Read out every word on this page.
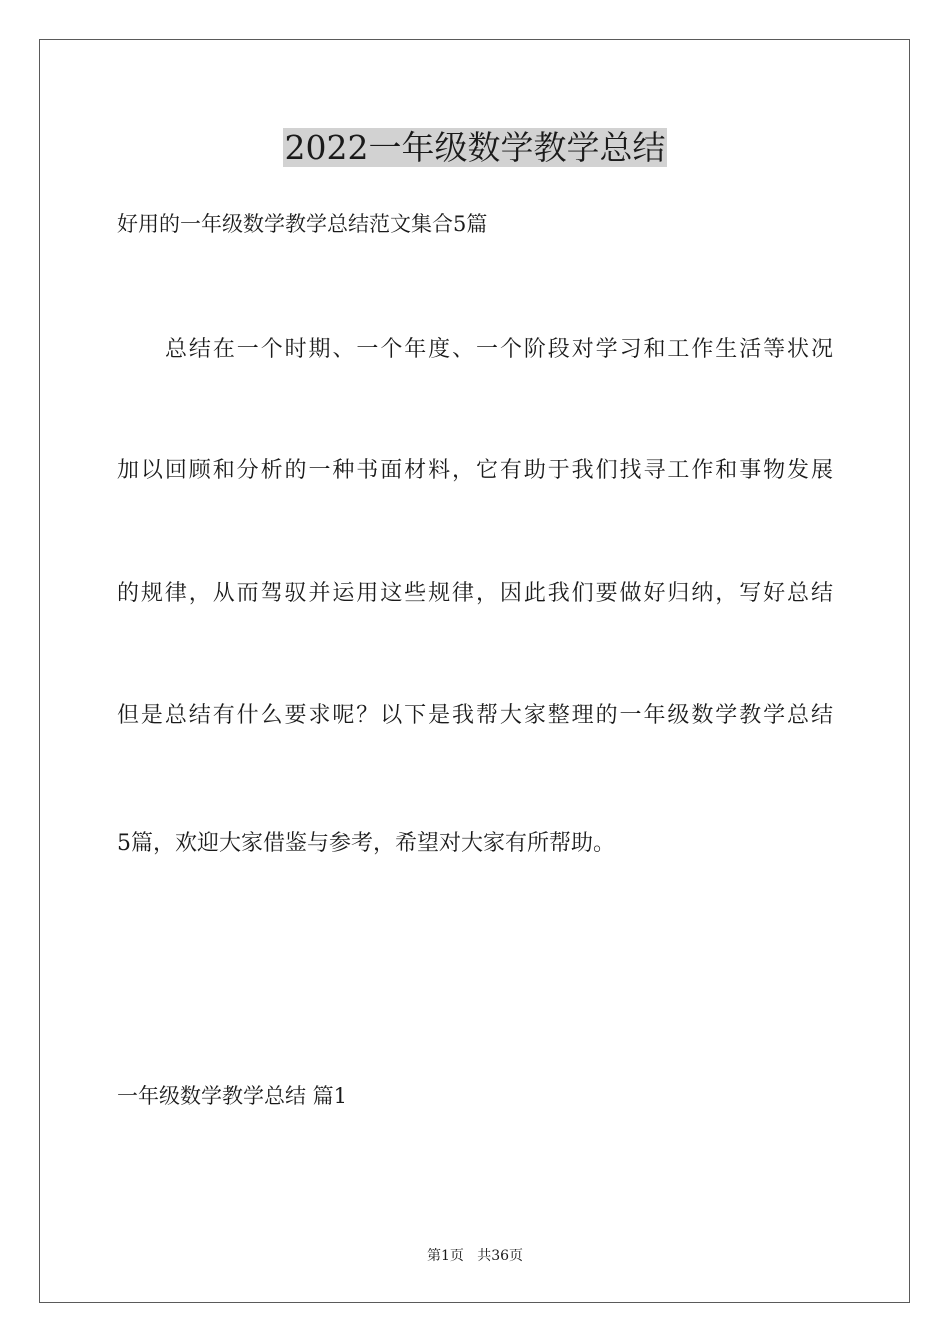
2022一年级数学教学总结

好用的一年级数学教学总结范文集合5篇

总结在一个时期、一个年度、一个阶段对学习和工作生活等状况

加以回顾和分析的一种书面材料，它有助于我们找寻工作和事物发展

的规律，从而驾驭并运用这些规律，因此我们要做好归纳，写好总结

但是总结有什么要求呢？以下是我帮大家整理的一年级数学教学总结

5篇，欢迎大家借鉴与参考，希望对大家有所帮助。

一年级数学教学总结 篇1
第1页   共36页
